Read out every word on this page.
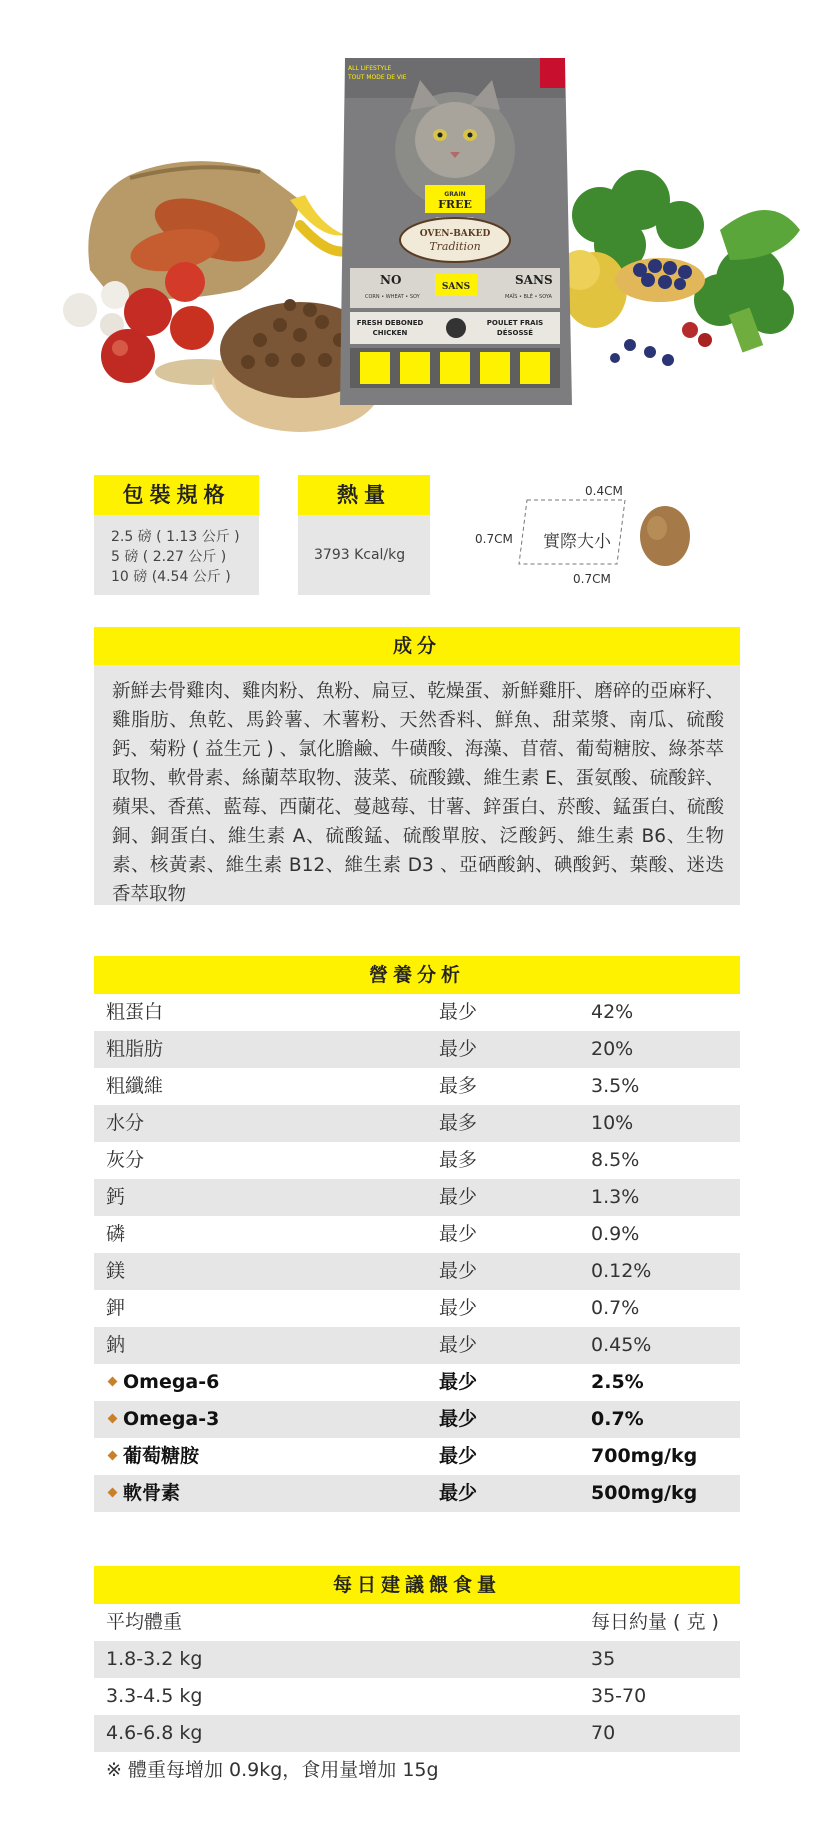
ALL LIFESTYLE
TOUT MODE DE VIE
GRAIN
FREE
OVEN-BAKED
Tradition
NO	SANS
SANS
CORN • WHEAT • SOY	MAÏS • BLÉ • SOYA
FRESH DEBONED
CHICKEN
POULET FRAIS
DÉSOSSÉ
包裝規格
2.5 磅 ( 1.13 公斤 )
5 磅 ( 2.27 公斤 )
10 磅 (4.54 公斤 )
熱量
3793 Kcal/kg
0.4CM
0.7CM
0.7CM
實際大小
成分
新鮮去骨雞肉、雞肉粉、魚粉、扁豆、乾燥蛋、新鮮雞肝、磨碎的亞麻籽、雞脂肪、魚乾、馬鈴薯、木薯粉、天然香料、鮮魚、甜菜漿、南瓜、硫酸鈣、菊粉 ( 益生元 ) 、氯化膽鹼、牛磺酸、海藻、苜蓿、葡萄糖胺、綠茶萃取物、軟骨素、絲蘭萃取物、菠菜、硫酸鐵、維生素 E、蛋氨酸、硫酸鋅、蘋果、香蕉、藍莓、西蘭花、蔓越莓、甘薯、鋅蛋白、菸酸、錳蛋白、硫酸銅、銅蛋白、維生素 A、硫酸錳、硫酸單胺、泛酸鈣、維生素 B6、生物素、核黃素、維生素 B12、維生素 D3 、亞硒酸鈉、碘酸鈣、葉酸、迷迭香萃取物
營養分析
粗蛋白	最少	42%
粗脂肪	最少	20%
粗纖維	最多	3.5%
水分	最多	10%
灰分	最多	8.5%
鈣	最少	1.3%
磷	最少	0.9%
鎂	最少	0.12%
鉀	最少	0.7%
鈉	最少	0.45%
Omega-6	最少	2.5%
Omega-3	最少	0.7%
葡萄糖胺	最少	700mg/kg
軟骨素	最少	500mg/kg
每日建議餵食量
平均體重	每日約量 ( 克 )
1.8-3.2 kg	35
3.3-4.5 kg	35-70
4.6-6.8 kg	70
※ 體重每增加 0.9kg，食用量增加 15g
